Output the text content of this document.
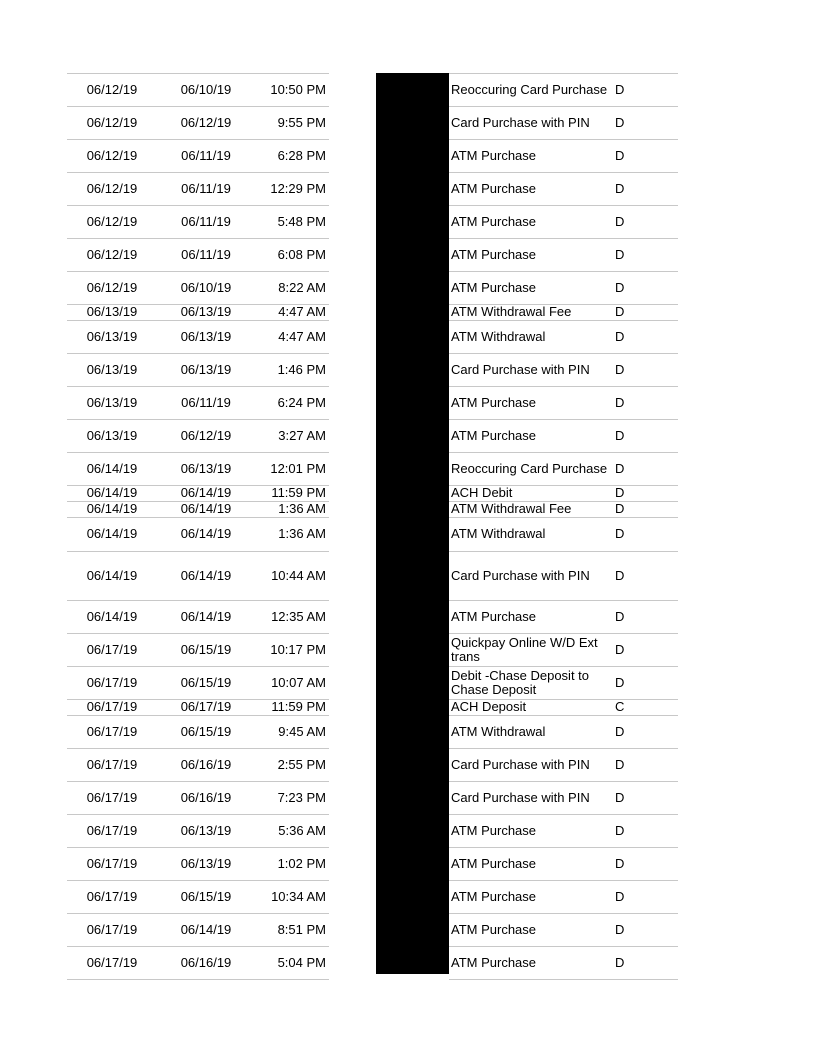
06/12/19	06/10/19	10:50 PM	Reoccuring Card Purchase D
06/12/19	06/12/19	9:55 PM	Card Purchase with PIN	D
06/12/19	06/11/19	6:28 PM	ATM Purchase	D
06/12/19	06/11/19	12:29 PM	ATM Purchase	D
06/12/19	06/11/19	5:48 PM	ATM Purchase	D
06/12/19	06/11/19	6:08 PM	ATM Purchase	D
06/12/19	06/10/19	8:22 AM	ATM Purchase	D
06/13/19	06/13/19	4:47 AM	ATM Withdrawal Fee	D
06/13/19	06/13/19	4:47 AM	ATM Withdrawal	D
06/13/19	06/13/19	1:46 PM	Card Purchase with PIN	D
06/13/19	06/11/19	6:24 PM	ATM Purchase	D
06/13/19	06/12/19	3:27 AM	ATM Purchase	D
06/14/19	06/13/19	12:01 PM	Reoccuring Card Purchase D
06/14/19	06/14/19	11:59 PM	ACH Debit	D
06/14/19	06/14/19	1:36 AM	ATM Withdrawal Fee	D
06/14/19	06/14/19	1:36 AM	ATM Withdrawal	D
06/14/19	06/14/19	10:44 AM	Card Purchase with PIN	D
06/14/19	06/14/19	12:35 AM	ATM Purchase	D
06/17/19	06/15/19	10:17 PM	Quickpay Online W/D Ext trans	D
06/17/19	06/15/19	10:07 AM	Debit -Chase Deposit to Chase Deposit	D
06/17/19	06/17/19	11:59 PM	ACH Deposit	C
06/17/19	06/15/19	9:45 AM	ATM Withdrawal	D
06/17/19	06/16/19	2:55 PM	Card Purchase with PIN	D
06/17/19	06/16/19	7:23 PM	Card Purchase with PIN	D
06/17/19	06/13/19	5:36 AM	ATM Purchase	D
06/17/19	06/13/19	1:02 PM	ATM Purchase	D
06/17/19	06/15/19	10:34 AM	ATM Purchase	D
06/17/19	06/14/19	8:51 PM	ATM Purchase	D
06/17/19	06/16/19	5:04 PM	ATM Purchase	D
